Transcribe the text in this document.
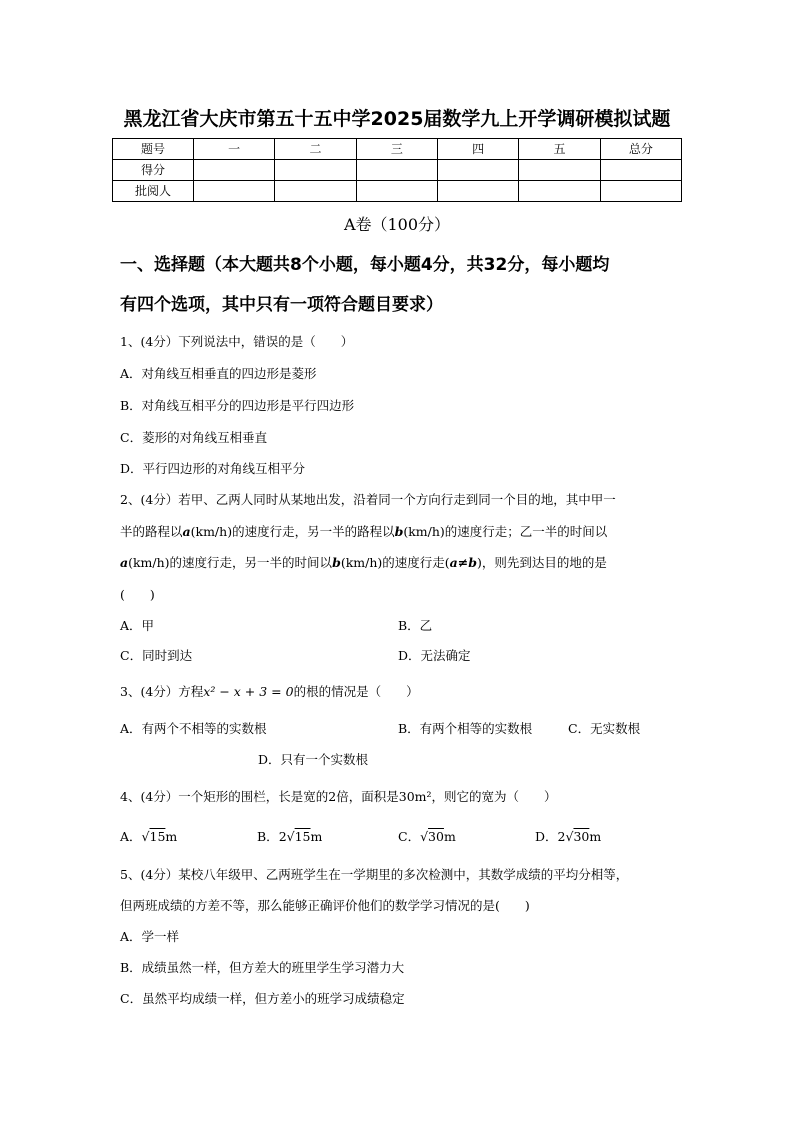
黑龙江省大庆市第五十五中学2025届数学九上开学调研模拟试题
题号	一	二	三	四	五	总分
得分						
批阅人						
A卷（100分）
一、选择题（本大题共8个小题，每小题4分，共32分，每小题均
有四个选项，其中只有一项符合题目要求）
1、(4分）下列说法中，错误的是（　　）
A．对角线互相垂直的四边形是菱形
B．对角线互相平分的四边形是平行四边形
C．菱形的对角线互相垂直
D．平行四边形的对角线互相平分
2、(4分）若甲、乙两人同时从某地出发，沿着同一个方向行走到同一个目的地，其中甲一
半的路程以a(km/h)的速度行走，另一半的路程以b(km/h)的速度行走；乙一半的时间以
a(km/h)的速度行走，另一半的时间以b(km/h)的速度行走(a≠b)，则先到达目的地的是
(　　)
A．甲	B．乙
C．同时到达	D．无法确定
3、(4分）方程x² − x + 3 = 0的根的情况是（　　）
A．有两个不相等的实数根	B．有两个相等的实数根	C．无实数根
D．只有一个实数根
4、(4分）一个矩形的围栏，长是宽的2倍，面积是30m²，则它的宽为（　　）
A．√15m	B．2√15m	C．√30m	D．2√30m
5、(4分）某校八年级甲、乙两班学生在一学期里的多次检测中，其数学成绩的平均分相等，
但两班成绩的方差不等，那么能够正确评价他们的数学学习情况的是(　　)
A．学一样
B．成绩虽然一样，但方差大的班里学生学习潜力大
C．虽然平均成绩一样，但方差小的班学习成绩稳定
